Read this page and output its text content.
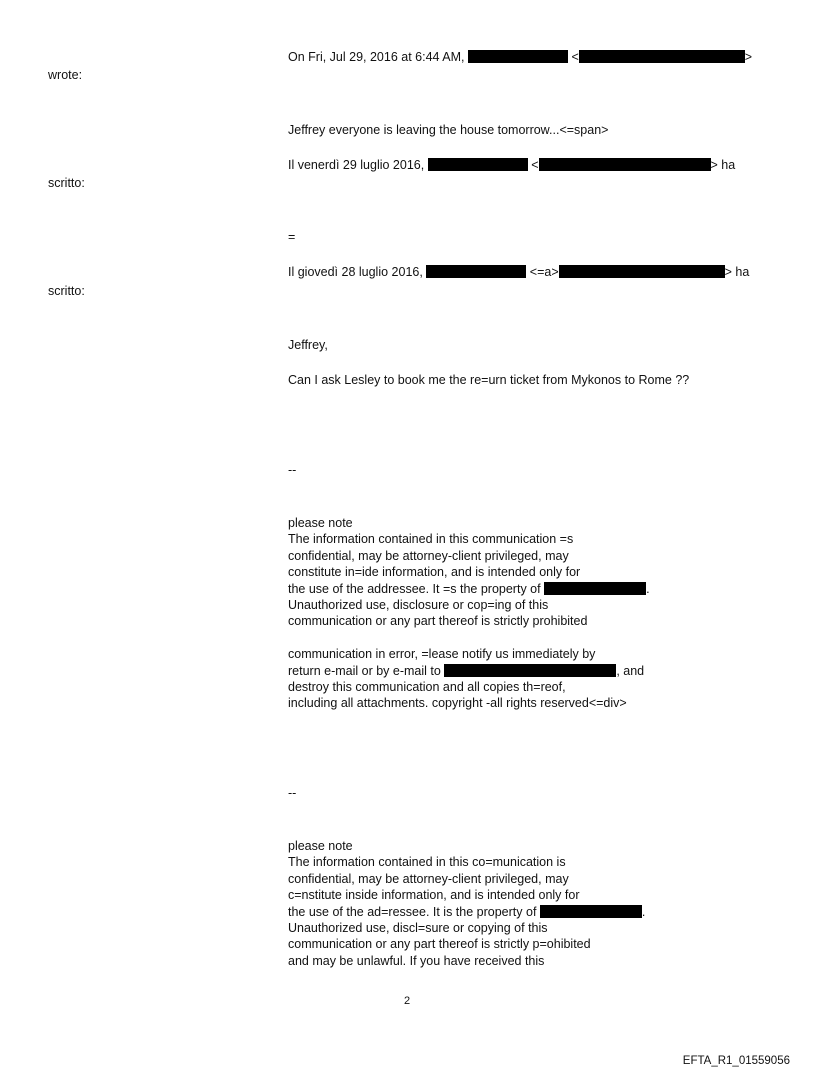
On Fri, Jul 29, 2016 at 6:44 AM,	<	>
wrote:
Jeffrey everyone is leaving the house tomorrow...<=span>
Il venerdì 29 luglio 2016,	<	> ha
scritto:
=
Il giovedì 28 luglio 2016,	<=a>	> ha
scritto:
Jeffrey,
Can I ask Lesley to book me the re=urn ticket from Mykonos to Rome ??
--
please note
The information contained in this communication =s
confidential, may be attorney-client privileged, may
constitute in=ide information, and is intended only for
the use of the addressee. It =s the property of	.
Unauthorized use, disclosure or cop=ing of this
communication or any part thereof is strictly prohibited
communication in error, =lease notify us immediately by
return e-mail or by e-mail to	, and
destroy this communication and all copies th=reof,
including all attachments. copyright -all rights reserved<=div>
--
please note
The information contained in this co=munication is
confidential, may be attorney-client privileged, may
c=nstitute inside information, and is intended only for
the use of the ad=ressee. It is the property of	.
Unauthorized use, discl=sure or copying of this
communication or any part thereof is strictly p=ohibited
and may be unlawful. If you have received this
2
EFTA_R1_01559056
